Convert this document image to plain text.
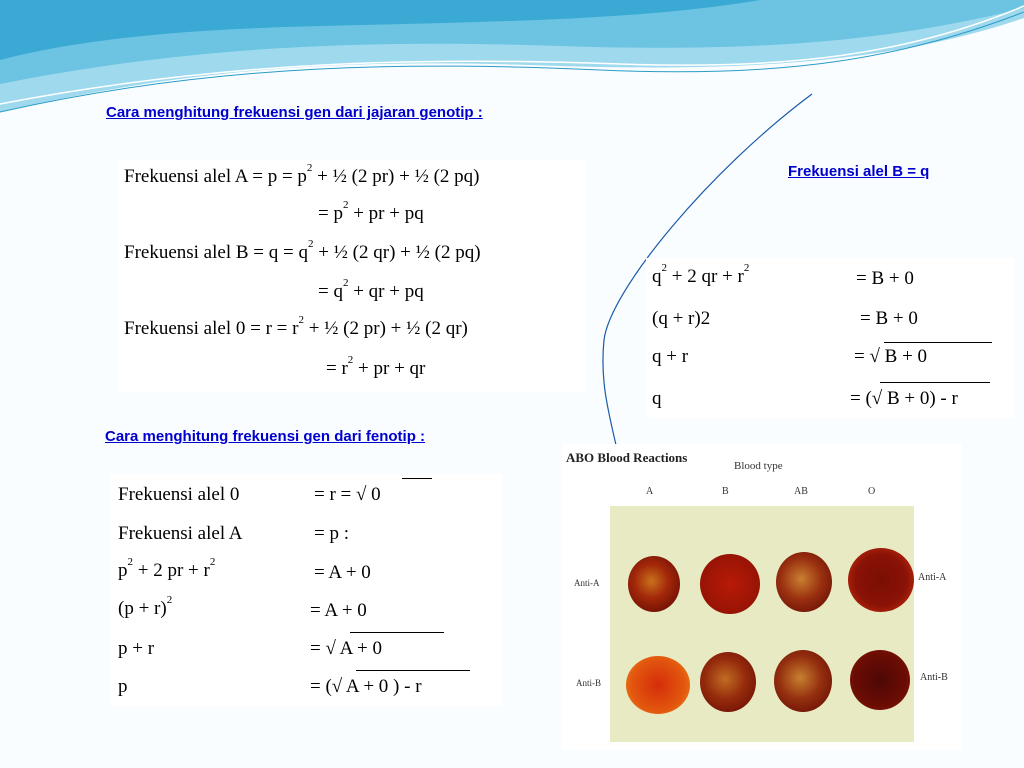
Cara menghitung frekuensi gen dari jajaran genotip :
Frekuensi alel B = q
Cara menghitung frekuensi gen dari fenotip :
Frekuensi alel $A = p = p^2$ + ½ (2 pr) + ½ (2 pq)
= $p^2$ + pr + pq
Frekuensi alel $B = q = q^2$ + ½ (2 qr) + ½ (2 pq)
= $q^2$ + qr + pq
Frekuensi alel $0 = r = r^2$ + ½ (2 pr) + ½ (2 qr)
= $r^2$ + pr + qr
$q^2 + 2$ qr + $r^2$	= B + 0
(q + r)2	= B + 0
q + r	= √ B + 0
q	= (√ B + 0) - r
Frekuensi alel 0	= r = √ 0
Frekuensi alel A	= p :
$p^2 + 2$ pr + $r^2$	= A + 0
$(p + r)^2$	= A + 0
p + r	= √ A + 0
p	= (√ A + 0 ) - r
ABO Blood Reactions
Blood type
A	B	AB	O
Anti-A
Anti-B
Anti-A
Anti-B
